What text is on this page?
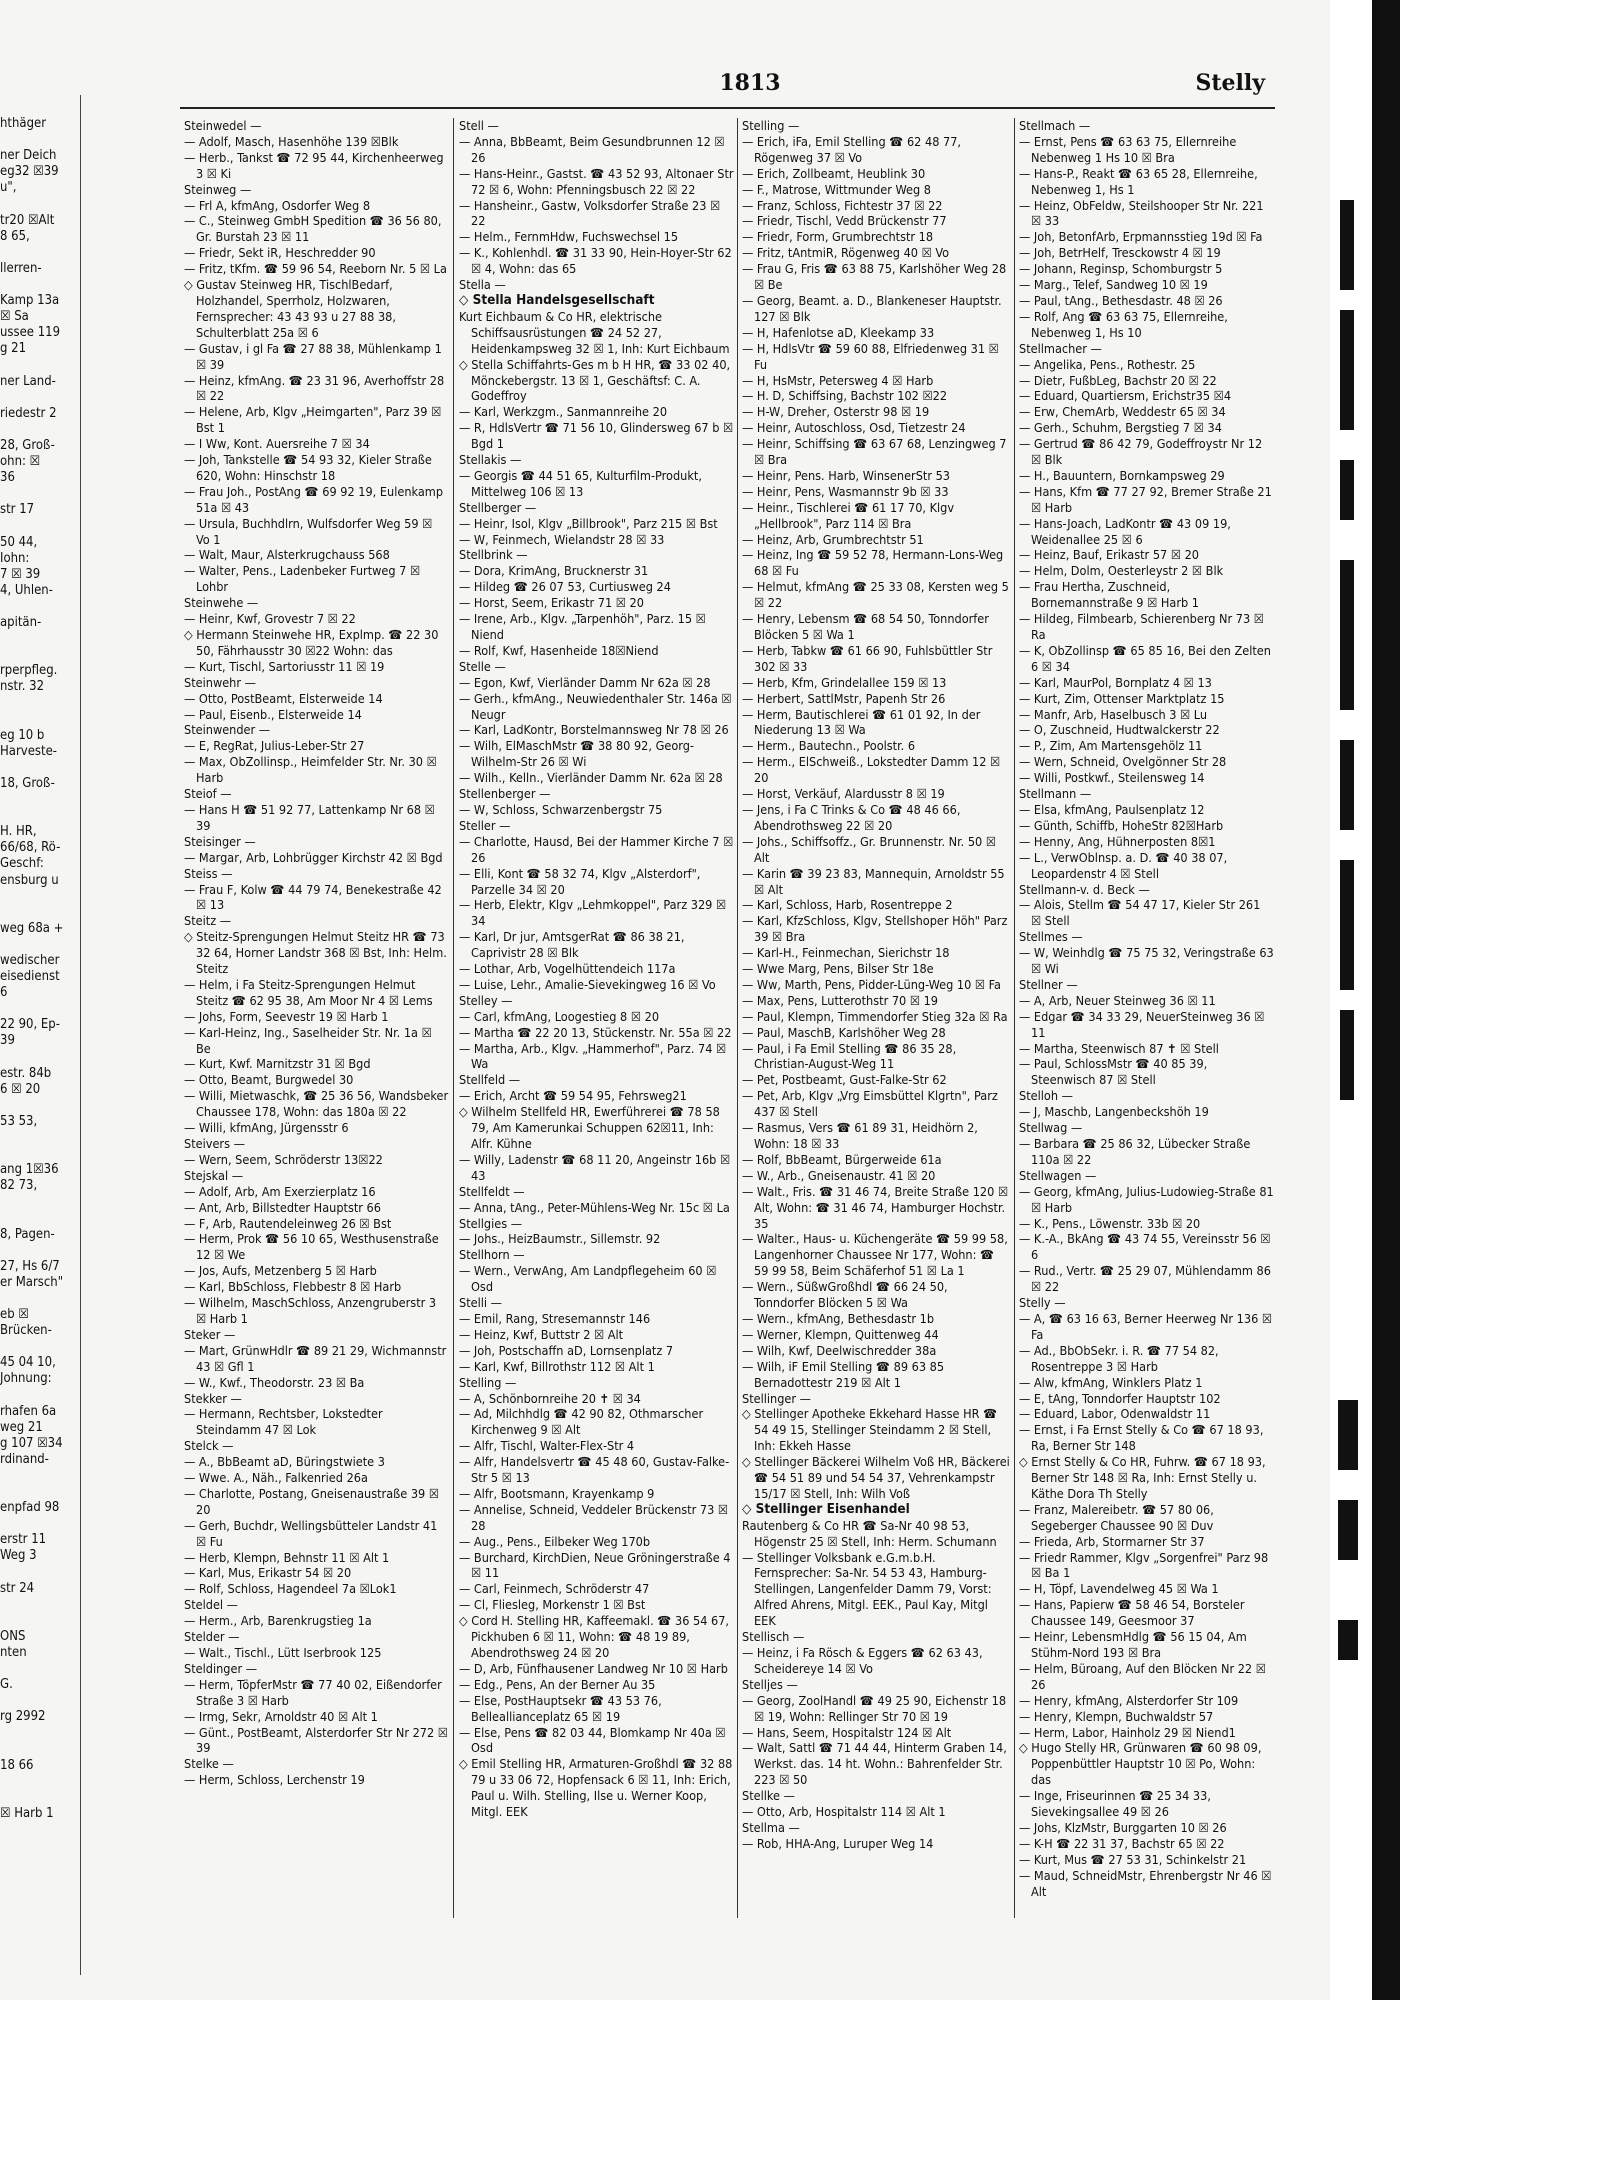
hthäger
ner Deich
eg32 ☒39
u",
tr20 ☒Alt
8 65,
llerren-
Kamp 13a
☒ Sa
ussee 119
g 21
ner Land-
riedestr 2
28, Groß-
ohn: ☒
36
str 17
50 44,
Iohn:
7 ☒ 39
4, Uhlen-
apitän-
rperpfleg.
nstr. 32
eg 10 b
Harveste-
18, Groß-
H. HR,
66/68, Rö-
Geschf:
ensburg u
weg 68a +
wedischer
eisedienst
6
22 90, Ep-
39
estr. 84b
6 ☒ 20
53 53,
ang 1☒36
82 73,
8, Pagen-
27, Hs 6/7
er Marsch"
eb ☒
Brücken-
45 04 10,
Johnung:
rhafen 6a
weg 21
g 107 ☒34
rdinand-
enpfad 98
erstr 11
Weg 3
str 24
ONS
nten
G.
rg 2992
18 66
☒ Harb 1
1813	Stelly

Steinwedel —

— Adolf, Masch, Hasenhöhe 139 ☒Blk

— Herb., Tankst ☎ 72 95 44, Kirchenheerweg 3 ☒ Ki

Steinweg —

— Frl A, kfmAng, Osdorfer Weg 8

— C., Steinweg GmbH Spedition ☎ 36 56 80, Gr. Burstah 23 ☒ 11

— Friedr, Sekt iR, Heschredder 90

— Fritz, tKfm. ☎ 59 96 54, Reeborn Nr. 5 ☒ La

◇ Gustav Steinweg HR, TischlBedarf, Holzhandel, Sperrholz, Holzwaren, Fernsprecher: 43 43 93 u 27 88 38, Schulterblatt 25a ☒ 6

— Gustav, i gl Fa ☎ 27 88 38, Mühlenkamp 1 ☒ 39

— Heinz, kfmAng. ☎ 23 31 96, Averhoffstr 28 ☒ 22

— Helene, Arb, Klgv „Heimgarten", Parz 39 ☒ Bst 1

— I Ww, Kont. Auersreihe 7 ☒ 34

— Joh, Tankstelle ☎ 54 93 32, Kieler Straße 620, Wohn: Hinschstr 18

— Frau Joh., PostAng ☎ 69 92 19, Eulenkamp 51a ☒ 43

— Ursula, Buchhdlrn, Wulfsdorfer Weg 59 ☒ Vo 1

— Walt, Maur, Alsterkrugchauss 568

— Walter, Pens., Ladenbeker Furtweg 7 ☒ Lohbr

Steinwehe —

— Heinr, Kwf, Grovestr 7 ☒ 22

◇ Hermann Steinwehe HR, Explmp. ☎ 22 30 50, Fährhausstr 30 ☒22 Wohn: das

— Kurt, Tischl, Sartoriusstr 11 ☒ 19

Steinwehr —

— Otto, PostBeamt, Elsterweide 14

— Paul, Eisenb., Elsterweide 14

Steinwender —

— E, RegRat, Julius-Leber-Str 27

— Max, ObZollinsp., Heimfelder Str. Nr. 30 ☒ Harb

Steiof —

— Hans H ☎ 51 92 77, Lattenkamp Nr 68 ☒ 39

Steisinger —

— Margar, Arb, Lohbrügger Kirchstr 42 ☒ Bgd

Steiss —

— Frau F, Kolw ☎ 44 79 74, Benekestraße 42 ☒ 13

Steitz —

◇ Steitz-Sprengungen Helmut Steitz HR ☎ 73 32 64, Horner Landstr 368 ☒ Bst, Inh: Helm. Steitz

— Helm, i Fa Steitz-Sprengungen Helmut Steitz ☎ 62 95 38, Am Moor Nr 4 ☒ Lems

— Johs, Form, Seevestr 19 ☒ Harb 1

— Karl-Heinz, Ing., Saselheider Str. Nr. 1a ☒ Be

— Kurt, Kwf. Marnitzstr 31 ☒ Bgd

— Otto, Beamt, Burgwedel 30

— Willi, Mietwaschk, ☎ 25 36 56, Wandsbeker Chaussee 178, Wohn: das 180a ☒ 22

— Willi, kfmAng, Jürgensstr 6

Steivers —

— Wern, Seem, Schröderstr 13☒22

Stejskal —

— Adolf, Arb, Am Exerzierplatz 16

— Ant, Arb, Billstedter Hauptstr 66

— F, Arb, Rautendeleinweg 26 ☒ Bst

— Herm, Prok ☎ 56 10 65, Westhusenstraße 12 ☒ We

— Jos, Aufs, Metzenberg 5 ☒ Harb

— Karl, BbSchloss, Flebbestr 8 ☒ Harb

— Wilhelm, MaschSchloss, Anzengruberstr 3 ☒ Harb 1

Steker —

— Mart, GrünwHdlr ☎ 89 21 29, Wichmannstr 43 ☒ Gfl 1

— W., Kwf., Theodorstr. 23 ☒ Ba

Stekker —

— Hermann, Rechtsber, Lokstedter Steindamm 47 ☒ Lok

Stelck —

— A., BbBeamt aD, Büringstwiete 3

— Wwe. A., Näh., Falkenried 26a

— Charlotte, Postang, Gneisenaustraße 39 ☒ 20

— Gerh, Buchdr, Wellingsbütteler Landstr 41 ☒ Fu

— Herb, Klempn, Behnstr 11 ☒ Alt 1

— Karl, Mus, Erikastr 54 ☒ 20

— Rolf, Schloss, Hagendeel 7a ☒Lok1

Steldel —

— Herm., Arb, Barenkrugstieg 1a

Stelder —

— Walt., Tischl., Lütt Iserbrook 125

Steldinger —

— Herm, TöpferMstr ☎ 77 40 02, Eißendorfer Straße 3 ☒ Harb

— Irmg, Sekr, Arnoldstr 40 ☒ Alt 1

— Günt., PostBeamt, Alsterdorfer Str Nr 272 ☒ 39

Stelke —

— Herm, Schloss, Lerchenstr 19

Stell —

— Anna, BbBeamt, Beim Gesundbrunnen 12 ☒ 26

— Hans-Heinr., Gastst. ☎ 43 52 93, Altonaer Str 72 ☒ 6, Wohn: Pfenningsbusch 22 ☒ 22

— Hansheinr., Gastw, Volksdorfer Straße 23 ☒ 22

— Helm., FernmHdw, Fuchswechsel 15

— K., Kohlenhdl. ☎ 31 33 90, Hein-Hoyer-Str 62 ☒ 4, Wohn: das 65

Stella —

◇ Stella Handelsgesellschaft

Kurt Eichbaum & Co HR, elektrische Schiffsausrüstungen ☎ 24 52 27, Heidenkampsweg 32 ☒ 1, Inh: Kurt Eichbaum

◇ Stella Schiffahrts-Ges m b H HR, ☎ 33 02 40, Mönckebergstr. 13 ☒ 1, Geschäftsf: C. A. Godeffroy

— Karl, Werkzgm., Sanmannreihe 20

— R, HdlsVertr ☎ 71 56 10, Glindersweg 67 b ☒ Bgd 1

Stellakis —

— Georgis ☎ 44 51 65, Kulturfilm-Produkt, Mittelweg 106 ☒ 13

Stellberger —

— Heinr, Isol, Klgv „Billbrook", Parz 215 ☒ Bst

— W, Feinmech, Wielandstr 28 ☒ 33

Stellbrink —

— Dora, KrimAng, Brucknerstr 31

— Hildeg ☎ 26 07 53, Curtiusweg 24

— Horst, Seem, Erikastr 71 ☒ 20

— Irene, Arb., Klgv. „Tarpenhöh", Parz. 15 ☒ Niend

— Rolf, Kwf, Hasenheide 18☒Niend

Stelle —

— Egon, Kwf, Vierländer Damm Nr 62a ☒ 28

— Gerh., kfmAng., Neuwiedenthaler Str. 146a ☒ Neugr

— Karl, LadKontr, Borstelmannsweg Nr 78 ☒ 26

— Wilh, ElMaschMstr ☎ 38 80 92, Georg-Wilhelm-Str 26 ☒ Wi

— Wilh., Kelln., Vierländer Damm Nr. 62a ☒ 28

Stellenberger —

— W, Schloss, Schwarzenbergstr 75

Steller —

— Charlotte, Hausd, Bei der Hammer Kirche 7 ☒ 26

— Elli, Kont ☎ 58 32 74, Klgv „Alsterdorf", Parzelle 34 ☒ 20

— Herb, Elektr, Klgv „Lehmkoppel", Parz 329 ☒ 34

— Karl, Dr jur, AmtsgerRat ☎ 86 38 21, Caprivistr 28 ☒ Blk

— Lothar, Arb, Vogelhüttendeich 117a

— Luise, Lehr., Amalie-Sievekingweg 16 ☒ Vo

Stelley —

— Carl, kfmAng, Loogestieg 8 ☒ 20

— Martha ☎ 22 20 13, Stückenstr. Nr. 55a ☒ 22

— Martha, Arb., Klgv. „Hammerhof", Parz. 74 ☒ Wa

Stellfeld —

— Erich, Archt ☎ 59 54 95, Fehrsweg21

◇ Wilhelm Stellfeld HR, Ewerführerei ☎ 78 58 79, Am Kamerunkai Schuppen 62☒11, Inh: Alfr. Kühne

— Willy, Ladenstr ☎ 68 11 20, Angeinstr 16b ☒ 43

Stellfeldt —

— Anna, tAng., Peter-Mühlens-Weg Nr. 15c ☒ La

Stellgies —

— Johs., HeizBaumstr., Sillemstr. 92

Stellhorn —

— Wern., VerwAng, Am Landpflegeheim 60 ☒ Osd

Stelli —

— Emil, Rang, Stresemannstr 146

— Heinz, Kwf, Buttstr 2 ☒ Alt

— Joh, Postschaffn aD, Lornsenplatz 7

— Karl, Kwf, Billrothstr 112 ☒ Alt 1

Stelling —

— A, Schönbornreihe 20 ✝ ☒ 34

— Ad, Milchhdlg ☎ 42 90 82, Othmarscher Kirchenweg 9 ☒ Alt

— Alfr, Tischl, Walter-Flex-Str 4

— Alfr, Handelsvertr ☎ 45 48 60, Gustav-Falke-Str 5 ☒ 13

— Alfr, Bootsmann, Krayenkamp 9

— Annelise, Schneid, Veddeler Brückenstr 73 ☒ 28

— Aug., Pens., Eilbeker Weg 170b

— Burchard, KirchDien, Neue Gröningerstraße 4 ☒ 11

— Carl, Feinmech, Schröderstr 47

— Cl, Fliesleg, Morkenstr 1 ☒ Bst

◇ Cord H. Stelling HR, Kaffeemakl. ☎ 36 54 67, Pickhuben 6 ☒ 11, Wohn: ☎ 48 19 89, Abendrothsweg 24 ☒ 20

— D, Arb, Fünfhausener Landweg Nr 10 ☒ Harb

— Edg., Pens, An der Berner Au 35

— Else, PostHauptsekr ☎ 43 53 76, Belleallianceplatz 65 ☒ 19

— Else, Pens ☎ 82 03 44, Blomkamp Nr 40a ☒ Osd

◇ Emil Stelling HR, Armaturen-Großhdl ☎ 32 88 79 u 33 06 72, Hopfensack 6 ☒ 11, Inh: Erich, Paul u. Wilh. Stelling, Ilse u. Werner Koop, Mitgl. EEK

Stelling —

— Erich, iFa, Emil Stelling ☎ 62 48 77, Rögenweg 37 ☒ Vo

— Erich, Zollbeamt, Heublink 30

— F., Matrose, Wittmunder Weg 8

— Franz, Schloss, Fichtestr 37 ☒ 22

— Friedr, Tischl, Vedd Brückenstr 77

— Friedr, Form, Grumbrechtstr 18

— Fritz, tAntmiR, Rögenweg 40 ☒ Vo

— Frau G, Fris ☎ 63 88 75, Karlshöher Weg 28 ☒ Be

— Georg, Beamt. a. D., Blankeneser Hauptstr. 127 ☒ Blk

— H, Hafenlotse aD, Kleekamp 33

— H, HdlsVtr ☎ 59 60 88, Elfriedenweg 31 ☒ Fu

— H, HsMstr, Petersweg 4 ☒ Harb

— H. D, Schiffsing, Bachstr 102 ☒22

— H-W, Dreher, Osterstr 98 ☒ 19

— Heinr, Autoschloss, Osd, Tietzestr 24

— Heinr, Schiffsing ☎ 63 67 68, Lenzingweg 7 ☒ Bra

— Heinr, Pens. Harb, WinsenerStr 53

— Heinr, Pens, Wasmannstr 9b ☒ 33

— Heinr., Tischlerei ☎ 61 17 70, Klgv „Hellbrook", Parz 114 ☒ Bra

— Heinz, Arb, Grumbrechtstr 51

— Heinz, Ing ☎ 59 52 78, Hermann-Lons-Weg 68 ☒ Fu

— Helmut, kfmAng ☎ 25 33 08, Kersten weg 5 ☒ 22

— Henry, Lebensm ☎ 68 54 50, Tonndorfer Blöcken 5 ☒ Wa 1

— Herb, Tabkw ☎ 61 66 90, Fuhlsbüttler Str 302 ☒ 33

— Herb, Kfm, Grindelallee 159 ☒ 13

— Herbert, SattlMstr, Papenh Str 26

— Herm, Bautischlerei ☎ 61 01 92, In der Niederung 13 ☒ Wa

— Herm., Bautechn., Poolstr. 6

— Herm., ElSchweiß., Lokstedter Damm 12 ☒ 20

— Horst, Verkäuf, Alardusstr 8 ☒ 19

— Jens, i Fa C Trinks & Co ☎ 48 46 66, Abendrothsweg 22 ☒ 20

— Johs., Schiffsoffz., Gr. Brunnenstr. Nr. 50 ☒ Alt

— Karin ☎ 39 23 83, Mannequin, Arnoldstr 55 ☒ Alt

— Karl, Schloss, Harb, Rosentreppe 2

— Karl, KfzSchloss, Klgv, Stellshoper Höh" Parz 39 ☒ Bra

— Karl-H., Feinmechan, Sierichstr 18

— Wwe Marg, Pens, Bilser Str 18e

— Ww, Marth, Pens, Pidder-Lüng-Weg 10 ☒ Fa

— Max, Pens, Lutterothstr 70 ☒ 19

— Paul, Klempn, Timmendorfer Stieg 32a ☒ Ra

— Paul, MaschB, Karlshöher Weg 28

— Paul, i Fa Emil Stelling ☎ 86 35 28, Christian-August-Weg 11

— Pet, Postbeamt, Gust-Falke-Str 62

— Pet, Arb, Klgv „Vrg Eimsbüttel Klgrtn", Parz 437 ☒ Stell

— Rasmus, Vers ☎ 61 89 31, Heidhörn 2, Wohn: 18 ☒ 33

— Rolf, BbBeamt, Bürgerweide 61a

— W., Arb., Gneisenaustr. 41 ☒ 20

— Walt., Fris. ☎ 31 46 74, Breite Straße 120 ☒ Alt, Wohn: ☎ 31 46 74, Hamburger Hochstr. 35

— Walter., Haus- u. Küchengeräte ☎ 59 99 58, Langenhorner Chaussee Nr 177, Wohn: ☎ 59 99 58, Beim Schäferhof 51 ☒ La 1

— Wern., SüßwGroßhdl ☎ 66 24 50, Tonndorfer Blöcken 5 ☒ Wa

— Wern., kfmAng, Bethesdastr 1b

— Werner, Klempn, Quittenweg 44

— Wilh, Kwf, Deelwischredder 38a

— Wilh, iF Emil Stelling ☎ 89 63 85 Bernadottestr 219 ☒ Alt 1

Stellinger —

◇ Stellinger Apotheke Ekkehard Hasse HR ☎ 54 49 15, Stellinger Steindamm 2 ☒ Stell, Inh: Ekkeh Hasse

◇ Stellinger Bäckerei Wilhelm Voß HR, Bäckerei ☎ 54 51 89 und 54 54 37, Vehrenkampstr 15/17 ☒ Stell, Inh: Wilh Voß

◇ Stellinger Eisenhandel

Rautenberg & Co HR ☎ Sa-Nr 40 98 53, Högenstr 25 ☒ Stell, Inh: Herm. Schumann

— Stellinger Volksbank e.G.m.b.H. Fernsprecher: Sa-Nr. 54 53 43, Hamburg-Stellingen, Langenfelder Damm 79, Vorst: Alfred Ahrens, Mitgl. EEK., Paul Kay, Mitgl EEK

Stellisch —

— Heinz, i Fa Rösch & Eggers ☎ 62 63 43, Scheidereye 14 ☒ Vo

Stelljes —

— Georg, ZoolHandl ☎ 49 25 90, Eichenstr 18 ☒ 19, Wohn: Rellinger Str 70 ☒ 19

— Hans, Seem, Hospitalstr 124 ☒ Alt

— Walt, Sattl ☎ 71 44 44, Hinterm Graben 14, Werkst. das. 14 ht. Wohn.: Bahrenfelder Str. 223 ☒ 50

Stellke —

— Otto, Arb, Hospitalstr 114 ☒ Alt 1

Stellma —

— Rob, HHA-Ang, Luruper Weg 14

Stellmach —

— Ernst, Pens ☎ 63 63 75, Ellernreihe Nebenweg 1 Hs 10 ☒ Bra

— Hans-P., Reakt ☎ 63 65 28, Ellernreihe, Nebenweg 1, Hs 1

— Heinz, ObFeldw, Steilshooper Str Nr. 221 ☒ 33

— Joh, BetonfArb, Erpmannsstieg 19d ☒ Fa

— Joh, BetrHelf, Tresckowstr 4 ☒ 19

— Johann, Reginsp, Schomburgstr 5

— Marg., Telef, Sandweg 10 ☒ 19

— Paul, tAng., Bethesdastr. 48 ☒ 26

— Rolf, Ang ☎ 63 63 75, Ellernreihe, Nebenweg 1, Hs 10

Stellmacher —

— Angelika, Pens., Rothestr. 25

— Dietr, FußbLeg, Bachstr 20 ☒ 22

— Eduard, Quartiersm, Erichstr35 ☒4

— Erw, ChemArb, Weddestr 65 ☒ 34

— Gerh., Schuhm, Bergstieg 7 ☒ 34

— Gertrud ☎ 86 42 79, Godeffroystr Nr 12 ☒ Blk

— H., Bauuntern, Bornkampsweg 29

— Hans, Kfm ☎ 77 27 92, Bremer Straße 21 ☒ Harb

— Hans-Joach, LadKontr ☎ 43 09 19, Weidenallee 25 ☒ 6

— Heinz, Bauf, Erikastr 57 ☒ 20

— Helm, Dolm, Oesterleystr 2 ☒ Blk

— Frau Hertha, Zuschneid, Bornemannstraße 9 ☒ Harb 1

— Hildeg, Filmbearb, Schierenberg Nr 73 ☒ Ra

— K, ObZollinsp ☎ 65 85 16, Bei den Zelten 6 ☒ 34

— Karl, MaurPol, Bornplatz 4 ☒ 13

— Kurt, Zim, Ottenser Marktplatz 15

— Manfr, Arb, Haselbusch 3 ☒ Lu

— O, Zuschneid, Hudtwalckerstr 22

— P., Zim, Am Martensgehölz 11

— Wern, Schneid, Ovelgönner Str 28

— Willi, Postkwf., Steilensweg 14

Stellmann —

— Elsa, kfmAng, Paulsenplatz 12

— Günth, Schiffb, HoheStr 82☒Harb

— Henny, Ang, Hühnerposten 8☒1

— L., VerwOblnsp. a. D. ☎ 40 38 07, Leopardenstr 4 ☒ Stell

Stellmann-v. d. Beck —

— Alois, Stellm ☎ 54 47 17, Kieler Str 261 ☒ Stell

Stellmes —

— W, Weinhdlg ☎ 75 75 32, Veringstraße 63 ☒ Wi

Stellner —

— A, Arb, Neuer Steinweg 36 ☒ 11

— Edgar ☎ 34 33 29, NeuerSteinweg 36 ☒ 11

— Martha, Steenwisch 87 ✝ ☒ Stell

— Paul, SchlossMstr ☎ 40 85 39, Steenwisch 87 ☒ Stell

Stelloh —

— J, Maschb, Langenbeckshöh 19

Stellwag —

— Barbara ☎ 25 86 32, Lübecker Straße 110a ☒ 22

Stellwagen —

— Georg, kfmAng, Julius-Ludowieg-Straße 81 ☒ Harb

— K., Pens., Löwenstr. 33b ☒ 20

— K.-A., BkAng ☎ 43 74 55, Vereinsstr 56 ☒ 6

— Rud., Vertr. ☎ 25 29 07, Mühlendamm 86 ☒ 22

Stelly —

— A, ☎ 63 16 63, Berner Heerweg Nr 136 ☒ Fa

— Ad., BbObSekr. i. R. ☎ 77 54 82, Rosentreppe 3 ☒ Harb

— Alw, kfmAng, Winklers Platz 1

— E, tAng, Tonndorfer Hauptstr 102

— Eduard, Labor, Odenwaldstr 11

— Ernst, i Fa Ernst Stelly & Co ☎ 67 18 93, Ra, Berner Str 148

◇ Ernst Stelly & Co HR, Fuhrw. ☎ 67 18 93, Berner Str 148 ☒ Ra, Inh: Ernst Stelly u. Käthe Dora Th Stelly

— Franz, Malereibetr. ☎ 57 80 06, Segeberger Chaussee 90 ☒ Duv

— Frieda, Arb, Stormarner Str 37

— Friedr Rammer, Klgv „Sorgenfrei" Parz 98 ☒ Ba 1

— H, Töpf, Lavendelweg 45 ☒ Wa 1

— Hans, Papierw ☎ 58 46 54, Borsteler Chaussee 149, Geesmoor 37

— Heinr, LebensmHdlg ☎ 56 15 04, Am Stühm-Nord 193 ☒ Bra

— Helm, Büroang, Auf den Blöcken Nr 22 ☒ 26

— Henry, kfmAng, Alsterdorfer Str 109

— Henry, Klempn, Buchwaldstr 57

— Herm, Labor, Hainholz 29 ☒ Niend1

◇ Hugo Stelly HR, Grünwaren ☎ 60 98 09, Poppenbüttler Hauptstr 10 ☒ Po, Wohn: das

— Inge, Friseurinnen ☎ 25 34 33, Sievekingsallee 49 ☒ 26

— Johs, KlzMstr, Burggarten 10 ☒ 26

— K-H ☎ 22 31 37, Bachstr 65 ☒ 22

— Kurt, Mus ☎ 27 53 31, Schinkelstr 21

— Maud, SchneidMstr, Ehrenbergstr Nr 46 ☒ Alt
